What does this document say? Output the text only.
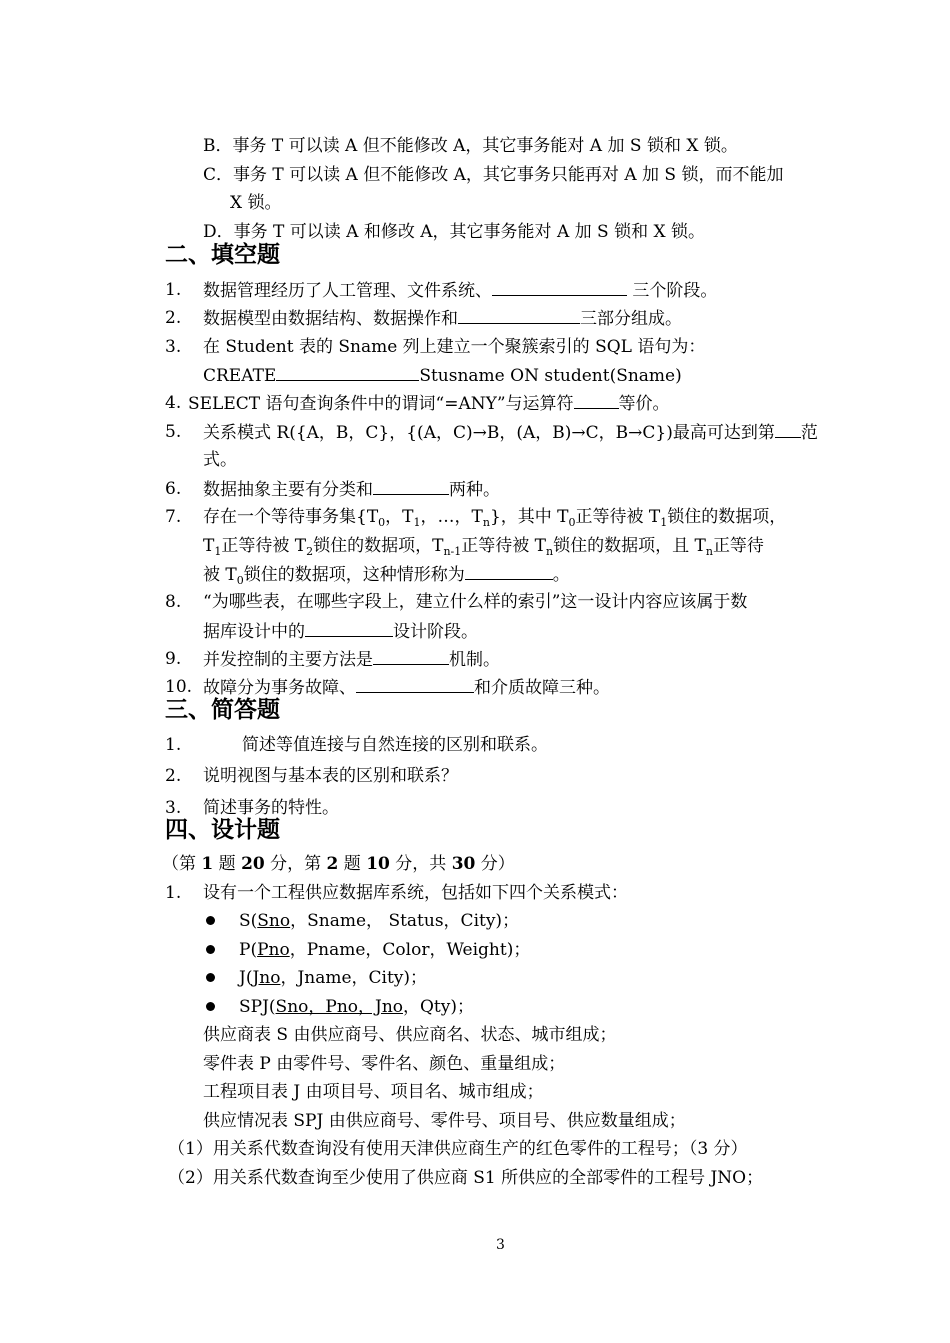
B．事务 T 可以读 A 但不能修改 A，其它事务能对 A 加 S 锁和 X 锁。
C．事务 T 可以读 A 但不能修改 A，其它事务只能再对 A 加 S 锁，而不能加
X 锁。
D．事务 T 可以读 A 和修改 A，其它事务能对 A 加 S 锁和 X 锁。
二、填空题
1. 数据管理经历了人工管理、文件系统、	三个阶段。
2. 数据模型由数据结构、数据操作和	三部分组成。
3. 在 Student 表的 Sname 列上建立一个聚簇索引的 SQL 语句为：
CREATE	Stusname ON student(Sname)
4. SELECT 语句查询条件中的谓词“=ANY”与运算符	等价。
5. 关系模式 R({A，B，C}，{(A，C)→B，(A，B)→C，B→C})最高可达到第 范
式。
6. 数据抽象主要有分类和	两种。
7. 存在一个等待事务集{$T_0$，$T_1$，…，$T_n$}，其中 $T_0$正等待被 $T_1$锁住的数据项，
$T_1$正等待被 $T_2$锁住的数据项，$T_{n-1}$正等待被 $T_n$锁住的数据项，且 $T_n$正等待
被 $T_0$锁住的数据项，这种情形称为	。
8. “为哪些表，在哪些字段上，建立什么样的索引”这一设计内容应该属于数
据库设计中的	设计阶段。
9. 并发控制的主要方法是	机制。
10. 故障分为事务故障、	和介质故障三种。
三、简答题
1.	简述等值连接与自然连接的区别和联系。
2. 说明视图与基本表的区别和联系？
3. 简述事务的特性。
四、设计题
（第 1 题 20 分，第 2 题 10 分，共 30 分）
1. 设有一个工程供应数据库系统，包括如下四个关系模式：
S(Sno，Sname， Status，City)；
P(Pno，Pname，Color，Weight)；
J(Jno，Jname，City)；
SPJ(Sno，Pno，Jno，Qty)；
供应商表 S 由供应商号、供应商名、状态、城市组成；
零件表 P 由零件号、零件名、颜色、重量组成；
工程项目表 J 由项目号、项目名、城市组成；
供应情况表 SPJ 由供应商号、零件号、项目号、供应数量组成；
（1）用关系代数查询没有使用天津供应商生产的红色零件的工程号；（3 分）
（2）用关系代数查询至少使用了供应商 S1 所供应的全部零件的工程号 JNO；
3
